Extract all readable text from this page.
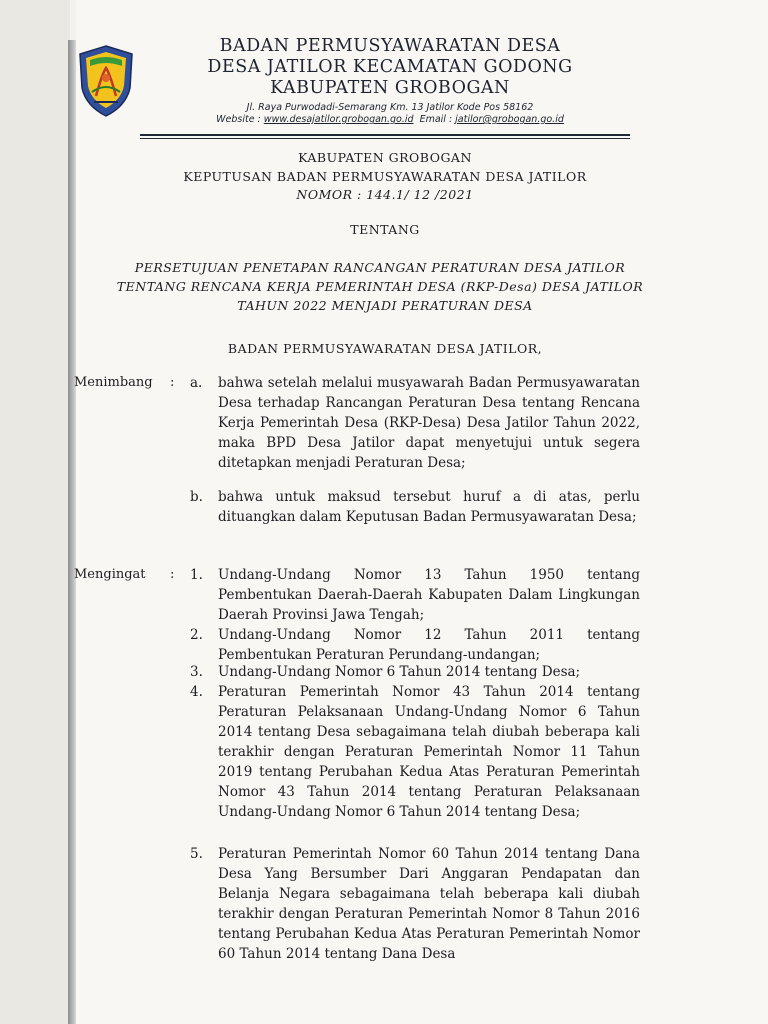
BADAN PERMUSYAWARATAN DESA
DESA JATILOR KECAMATAN GODONG
KABUPATEN GROBOGAN
Jl. Raya Purwodadi-Semarang Km. 13 Jatilor Kode Pos 58162
Website : www.desajatilor.grobogan.go.id Email : jatilor@grobogan.go.id
KABUPATEN GROBOGAN
KEPUTUSAN BADAN PERMUSYAWARATAN DESA JATILOR
NOMOR : 144.1/ 12 /2021
TENTANG
PERSETUJUAN PENETAPAN RANCANGAN PERATURAN DESA JATILOR
TENTANG RENCANA KERJA PEMERINTAH DESA (RKP-Desa) DESA JATILOR
TAHUN 2022 MENJADI PERATURAN DESA
BADAN PERMUSYAWARATAN DESA JATILOR,
Menimbang : a. bahwa setelah melalui musyawarah Badan Permusyawaratan Desa terhadap Rancangan Peraturan Desa tentang Rencana Kerja Pemerintah Desa (RKP-Desa) Desa Jatilor Tahun 2022, maka BPD Desa Jatilor dapat menyetujui untuk segera ditetapkan menjadi Peraturan Desa;
b. bahwa untuk maksud tersebut huruf a di atas, perlu dituangkan dalam Keputusan Badan Permusyawaratan Desa;
Mengingat : 1. Undang-Undang Nomor 13 Tahun 1950 tentang Pembentukan Daerah-Daerah Kabupaten Dalam Lingkungan Daerah Provinsi Jawa Tengah;
2. Undang-Undang Nomor 12 Tahun 2011 tentang Pembentukan Peraturan Perundang-undangan;
3. Undang-Undang Nomor 6 Tahun 2014 tentang Desa;
4. Peraturan Pemerintah Nomor 43 Tahun 2014 tentang Peraturan Pelaksanaan Undang-Undang Nomor 6 Tahun 2014 tentang Desa sebagaimana telah diubah beberapa kali terakhir dengan Peraturan Pemerintah Nomor 11 Tahun 2019 tentang Perubahan Kedua Atas Peraturan Pemerintah Nomor 43 Tahun 2014 tentang Peraturan Pelaksanaan Undang-Undang Nomor 6 Tahun 2014 tentang Desa;
5. Peraturan Pemerintah Nomor 60 Tahun 2014 tentang Dana Desa Yang Bersumber Dari Anggaran Pendapatan dan Belanja Negara sebagaimana telah beberapa kali diubah terakhir dengan Peraturan Pemerintah Nomor 8 Tahun 2016 tentang Perubahan Kedua Atas Peraturan Pemerintah Nomor 60 Tahun 2014 tentang Dana Desa
